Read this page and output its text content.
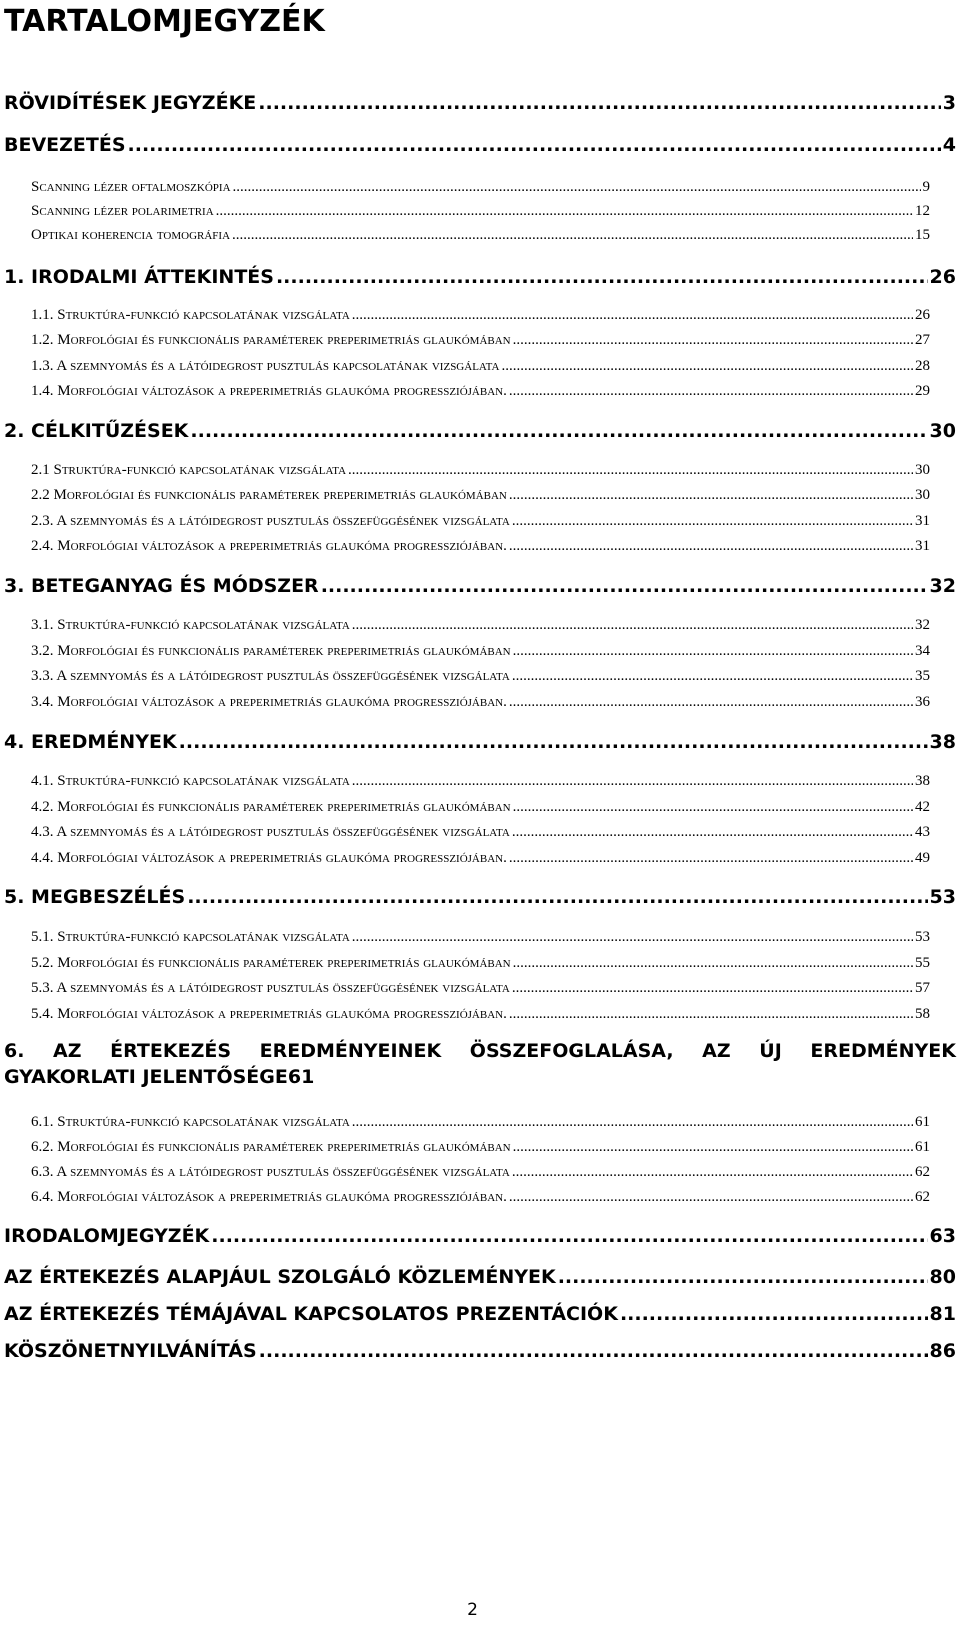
TARTALOMJEGYZÉK
RÖVIDÍTÉSEK JEGYZÉKE .....	3
BEVEZETÉS .....	4
Scanning lézer oftalmoszkópia .....	9
Scanning lézer polarimetria .....	12
Optikai koherencia tomográfia .....	15
1. IRODALMI ÁTTEKINTÉS .....	26
1.1. Struktúra-funkció kapcsolatának vizsgálata .....	26
1.2. Morfológiai és funkcionális paraméterek preperimetriás glaukómában .....	27
1.3. A szemnyomás és a látóidegrost pusztulás kapcsolatának vizsgálata .....	28
1.4. Morfológiai változások a preperimetriás glaukóma progressziójában. .....	29
2. CÉLKITŰZÉSEK .....	30
2.1 Struktúra-funkció kapcsolatának vizsgálata .....	30
2.2 Morfológiai és funkcionális paraméterek preperimetriás glaukómában .....	30
2.3. A szemnyomás és a látóidegrost pusztulás összefüggésének vizsgálata .....	31
2.4. Morfológiai változások a preperimetriás glaukóma progressziójában. .....	31
3. BETEGANYAG ÉS MÓDSZER .....	32
3.1. Struktúra-funkció kapcsolatának vizsgálata .....	32
3.2. Morfológiai és funkcionális paraméterek preperimetriás glaukómában .....	34
3.3. A szemnyomás és a látóidegrost pusztulás összefüggésének vizsgálata .....	35
3.4. Morfológiai változások a preperimetriás glaukóma progressziójában. .....	36
4. EREDMÉNYEK .....	38
4.1. Struktúra-funkció kapcsolatának vizsgálata .....	38
4.2. Morfológiai és funkcionális paraméterek preperimetriás glaukómában .....	42
4.3. A szemnyomás és a látóidegrost pusztulás összefüggésének vizsgálata .....	43
4.4. Morfológiai változások a preperimetriás glaukóma progressziójában. .....	49
5. MEGBESZÉLÉS .....	53
5.1. Struktúra-funkció kapcsolatának vizsgálata .....	53
5.2. Morfológiai és funkcionális paraméterek preperimetriás glaukómában .....	55
5.3. A szemnyomás és a látóidegrost pusztulás összefüggésének vizsgálata .....	57
5.4. Morfológiai változások a preperimetriás glaukóma progressziójában. .....	58
6. AZ ÉRTEKEZÉS EREDMÉNYEINEK ÖSSZEFOGLALÁSA, AZ ÚJ EREDMÉNYEK
GYAKORLATI JELENTŐSÉGE 61
6.1. Struktúra-funkció kapcsolatának vizsgálata .....	61
6.2. Morfológiai és funkcionális paraméterek preperimetriás glaukómában .....	61
6.3. A szemnyomás és a látóidegrost pusztulás összefüggésének vizsgálata .....	62
6.4. Morfológiai változások a preperimetriás glaukóma progressziójában. .....	62
IRODALOMJEGYZÉK .....	63
AZ ÉRTEKEZÉS ALAPJÁUL SZOLGÁLÓ KÖZLEMÉNYEK .....	80
AZ ÉRTEKEZÉS TÉMÁJÁVAL KAPCSOLATOS PREZENTÁCIÓK .....	81
KÖSZÖNETNYILVÁNÍTÁS .....	86
2
